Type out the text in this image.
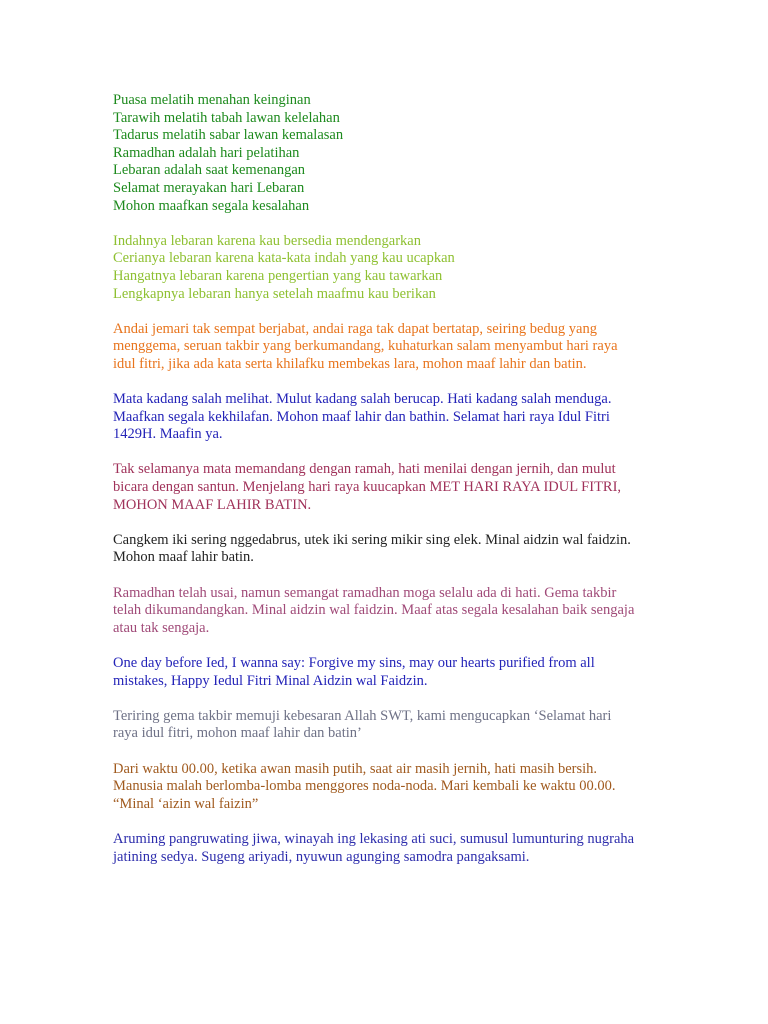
Puasa melatih menahan keinginan
Tarawih melatih tabah lawan kelelahan
Tadarus melatih sabar lawan kemalasan
Ramadhan adalah hari pelatihan
Lebaran adalah saat kemenangan
Selamat merayakan hari Lebaran
Mohon maafkan segala kesalahan
Indahnya lebaran karena kau bersedia mendengarkan
Cerianya lebaran karena kata-kata indah yang kau ucapkan
Hangatnya lebaran karena pengertian yang kau tawarkan
Lengkapnya lebaran hanya setelah maafmu kau berikan
Andai jemari tak sempat berjabat, andai raga tak dapat bertatap, seiring bedug yang
menggema, seruan takbir yang berkumandang, kuhaturkan salam menyambut hari raya
idul fitri, jika ada kata serta khilafku membekas lara, mohon maaf lahir dan batin.
Mata kadang salah melihat. Mulut kadang salah berucap. Hati kadang salah menduga.
Maafkan segala kekhilafan. Mohon maaf lahir dan bathin. Selamat hari raya Idul Fitri
1429H. Maafin ya.
Tak selamanya mata memandang dengan ramah, hati menilai dengan jernih, dan mulut
bicara dengan santun. Menjelang hari raya kuucapkan MET HARI RAYA IDUL FITRI,
MOHON MAAF LAHIR BATIN.
Cangkem iki sering nggedabrus, utek iki sering mikir sing elek. Minal aidzin wal faidzin.
Mohon maaf lahir batin.
Ramadhan telah usai, namun semangat ramadhan moga selalu ada di hati. Gema takbir
telah dikumandangkan. Minal aidzin wal faidzin. Maaf atas segala kesalahan baik sengaja
atau tak sengaja.
One day before Ied, I wanna say: Forgive my sins, may our hearts purified from all
mistakes, Happy Iedul Fitri Minal Aidzin wal Faidzin.
Teriring gema takbir memuji kebesaran Allah SWT, kami mengucapkan ‘Selamat hari
raya idul fitri, mohon maaf lahir dan batin’
Dari waktu 00.00, ketika awan masih putih, saat air masih jernih, hati masih bersih.
Manusia malah berlomba-lomba menggores noda-noda. Mari kembali ke waktu 00.00.
“Minal ‘aizin wal faizin”
Aruming pangruwating jiwa, winayah ing lekasing ati suci, sumusul lumunturing nugraha
jatining sedya. Sugeng ariyadi, nyuwun agunging samodra pangaksami.
